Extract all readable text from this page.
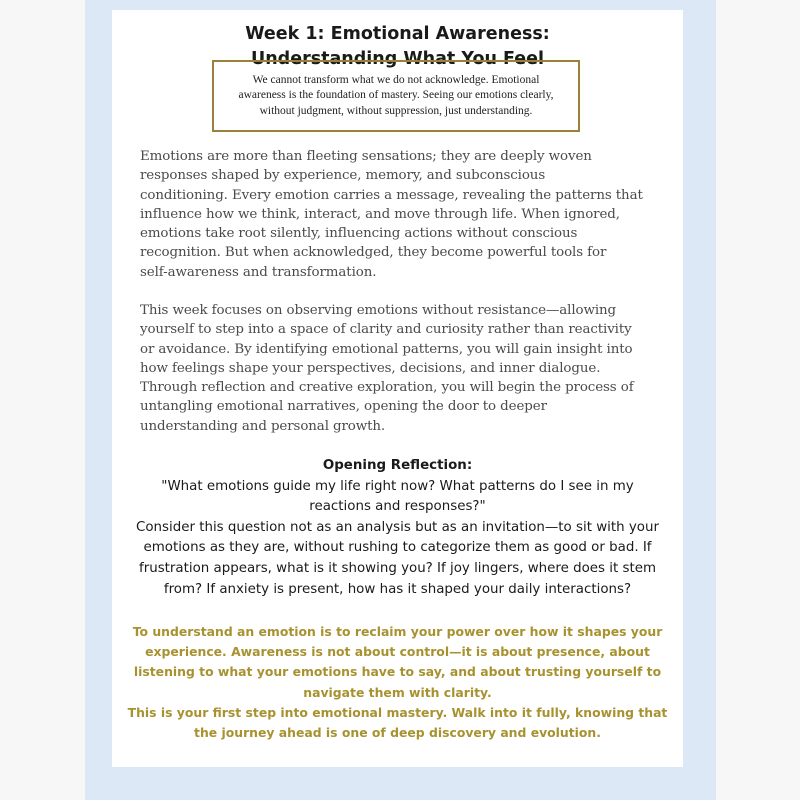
Week 1: Emotional Awareness:
Understanding What You Feel
We cannot transform what we do not acknowledge. Emotional
awareness is the foundation of mastery. Seeing our emotions clearly,
without judgment, without suppression, just understanding.
Emotions are more than fleeting sensations; they are deeply woven
responses shaped by experience, memory, and subconscious
conditioning. Every emotion carries a message, revealing the patterns that
influence how we think, interact, and move through life. When ignored,
emotions take root silently, influencing actions without conscious
recognition. But when acknowledged, they become powerful tools for
self-awareness and transformation.
This week focuses on observing emotions without resistance—allowing
yourself to step into a space of clarity and curiosity rather than reactivity
or avoidance. By identifying emotional patterns, you will gain insight into
how feelings shape your perspectives, decisions, and inner dialogue.
Through reflection and creative exploration, you will begin the process of
untangling emotional narratives, opening the door to deeper
understanding and personal growth.
Opening Reflection:
"What emotions guide my life right now? What patterns do I see in my
reactions and responses?"
Consider this question not as an analysis but as an invitation—to sit with your
emotions as they are, without rushing to categorize them as good or bad. If
frustration appears, what is it showing you? If joy lingers, where does it stem
from? If anxiety is present, how has it shaped your daily interactions?
To understand an emotion is to reclaim your power over how it shapes your
experience. Awareness is not about control—it is about presence, about
listening to what your emotions have to say, and about trusting yourself to
navigate them with clarity.
This is your first step into emotional mastery. Walk into it fully, knowing that
the journey ahead is one of deep discovery and evolution.
